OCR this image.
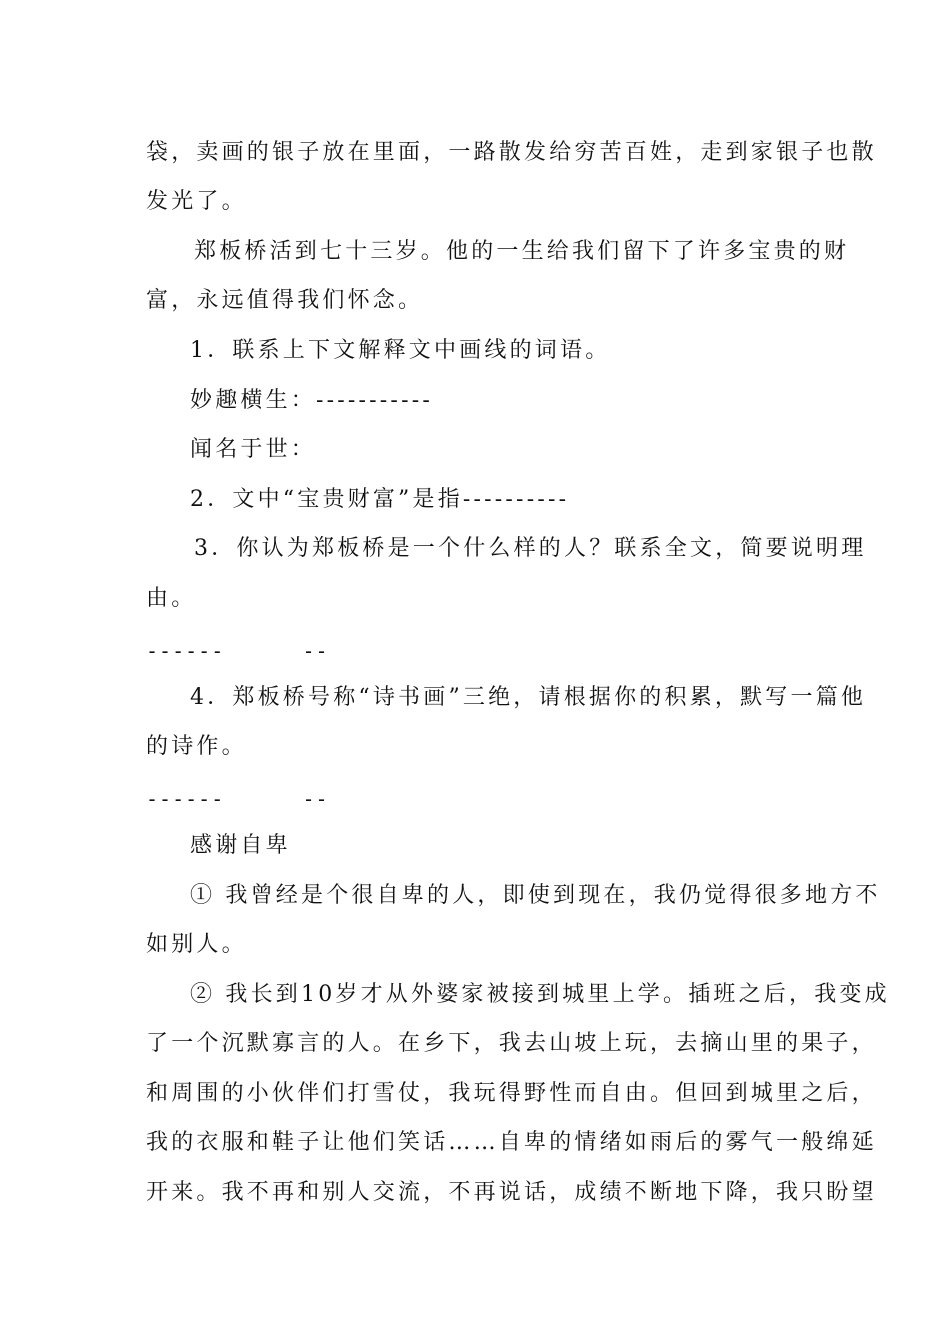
袋，卖画的银子放在里面，一路散发给穷苦百姓，走到家银子也散
发光了。
郑板桥活到七十三岁。他的一生给我们留下了许多宝贵的财
富，永远值得我们怀念。
1．联系上下文解释文中画线的词语。
妙趣横生：-----------
闻名于世：
2．文中“宝贵财富”是指----------
3．你认为郑板桥是一个什么样的人？联系全文，简要说明理
由。
------      --
4．郑板桥号称“诗书画”三绝，请根据你的积累，默写一篇他
的诗作。
------      --
感谢自卑
① 我曾经是个很自卑的人，即使到现在，我仍觉得很多地方不
如别人。
② 我长到10岁才从外婆家被接到城里上学。插班之后，我变成
了一个沉默寡言的人。在乡下，我去山坡上玩，去摘山里的果子，
和周围的小伙伴们打雪仗，我玩得野性而自由。但回到城里之后，
我的衣服和鞋子让他们笑话……自卑的情绪如雨后的雾气一般绵延
开来。我不再和别人交流，不再说话，成绩不断地下降，我只盼望
